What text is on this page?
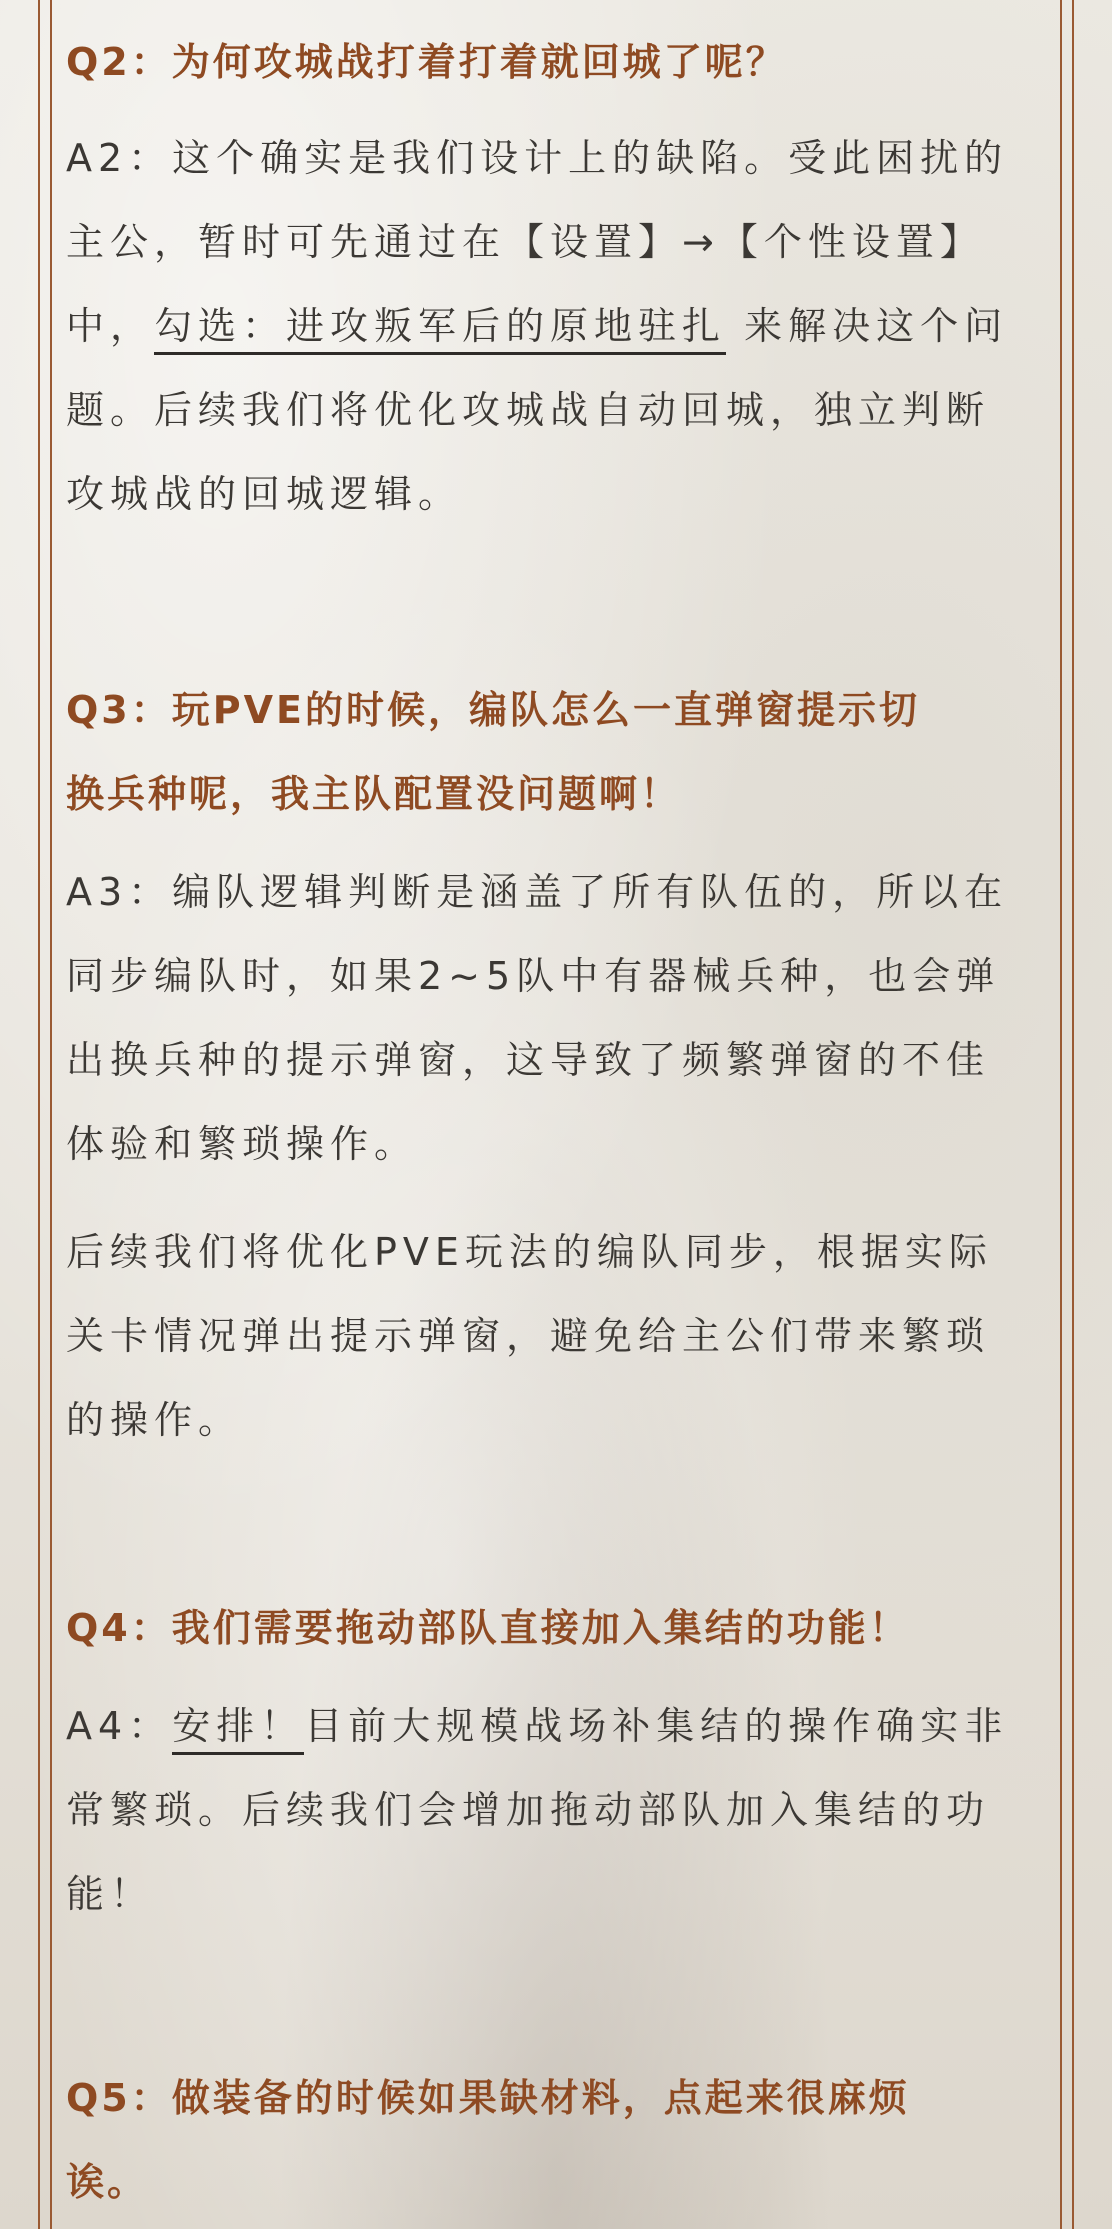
Q2：为何攻城战打着打着就回城了呢？
A2：这个确实是我们设计上的缺陷。受此困扰的
主公，暂时可先通过在【设置】→【个性设置】
中，勾选：进攻叛军后的原地驻扎 来解决这个问
题。后续我们将优化攻城战自动回城，独立判断
攻城战的回城逻辑。
Q3：玩PVE的时候，编队怎么一直弹窗提示切
换兵种呢，我主队配置没问题啊！
A3：编队逻辑判断是涵盖了所有队伍的，所以在
同步编队时，如果2~5队中有器械兵种，也会弹
出换兵种的提示弹窗，这导致了频繁弹窗的不佳
体验和繁琐操作。
后续我们将优化PVE玩法的编队同步，根据实际
关卡情况弹出提示弹窗，避免给主公们带来繁琐
的操作。
Q4：我们需要拖动部队直接加入集结的功能！
A4：安排！目前大规模战场补集结的操作确实非
常繁琐。后续我们会增加拖动部队加入集结的功
能！
Q5：做装备的时候如果缺材料，点起来很麻烦
诶。
